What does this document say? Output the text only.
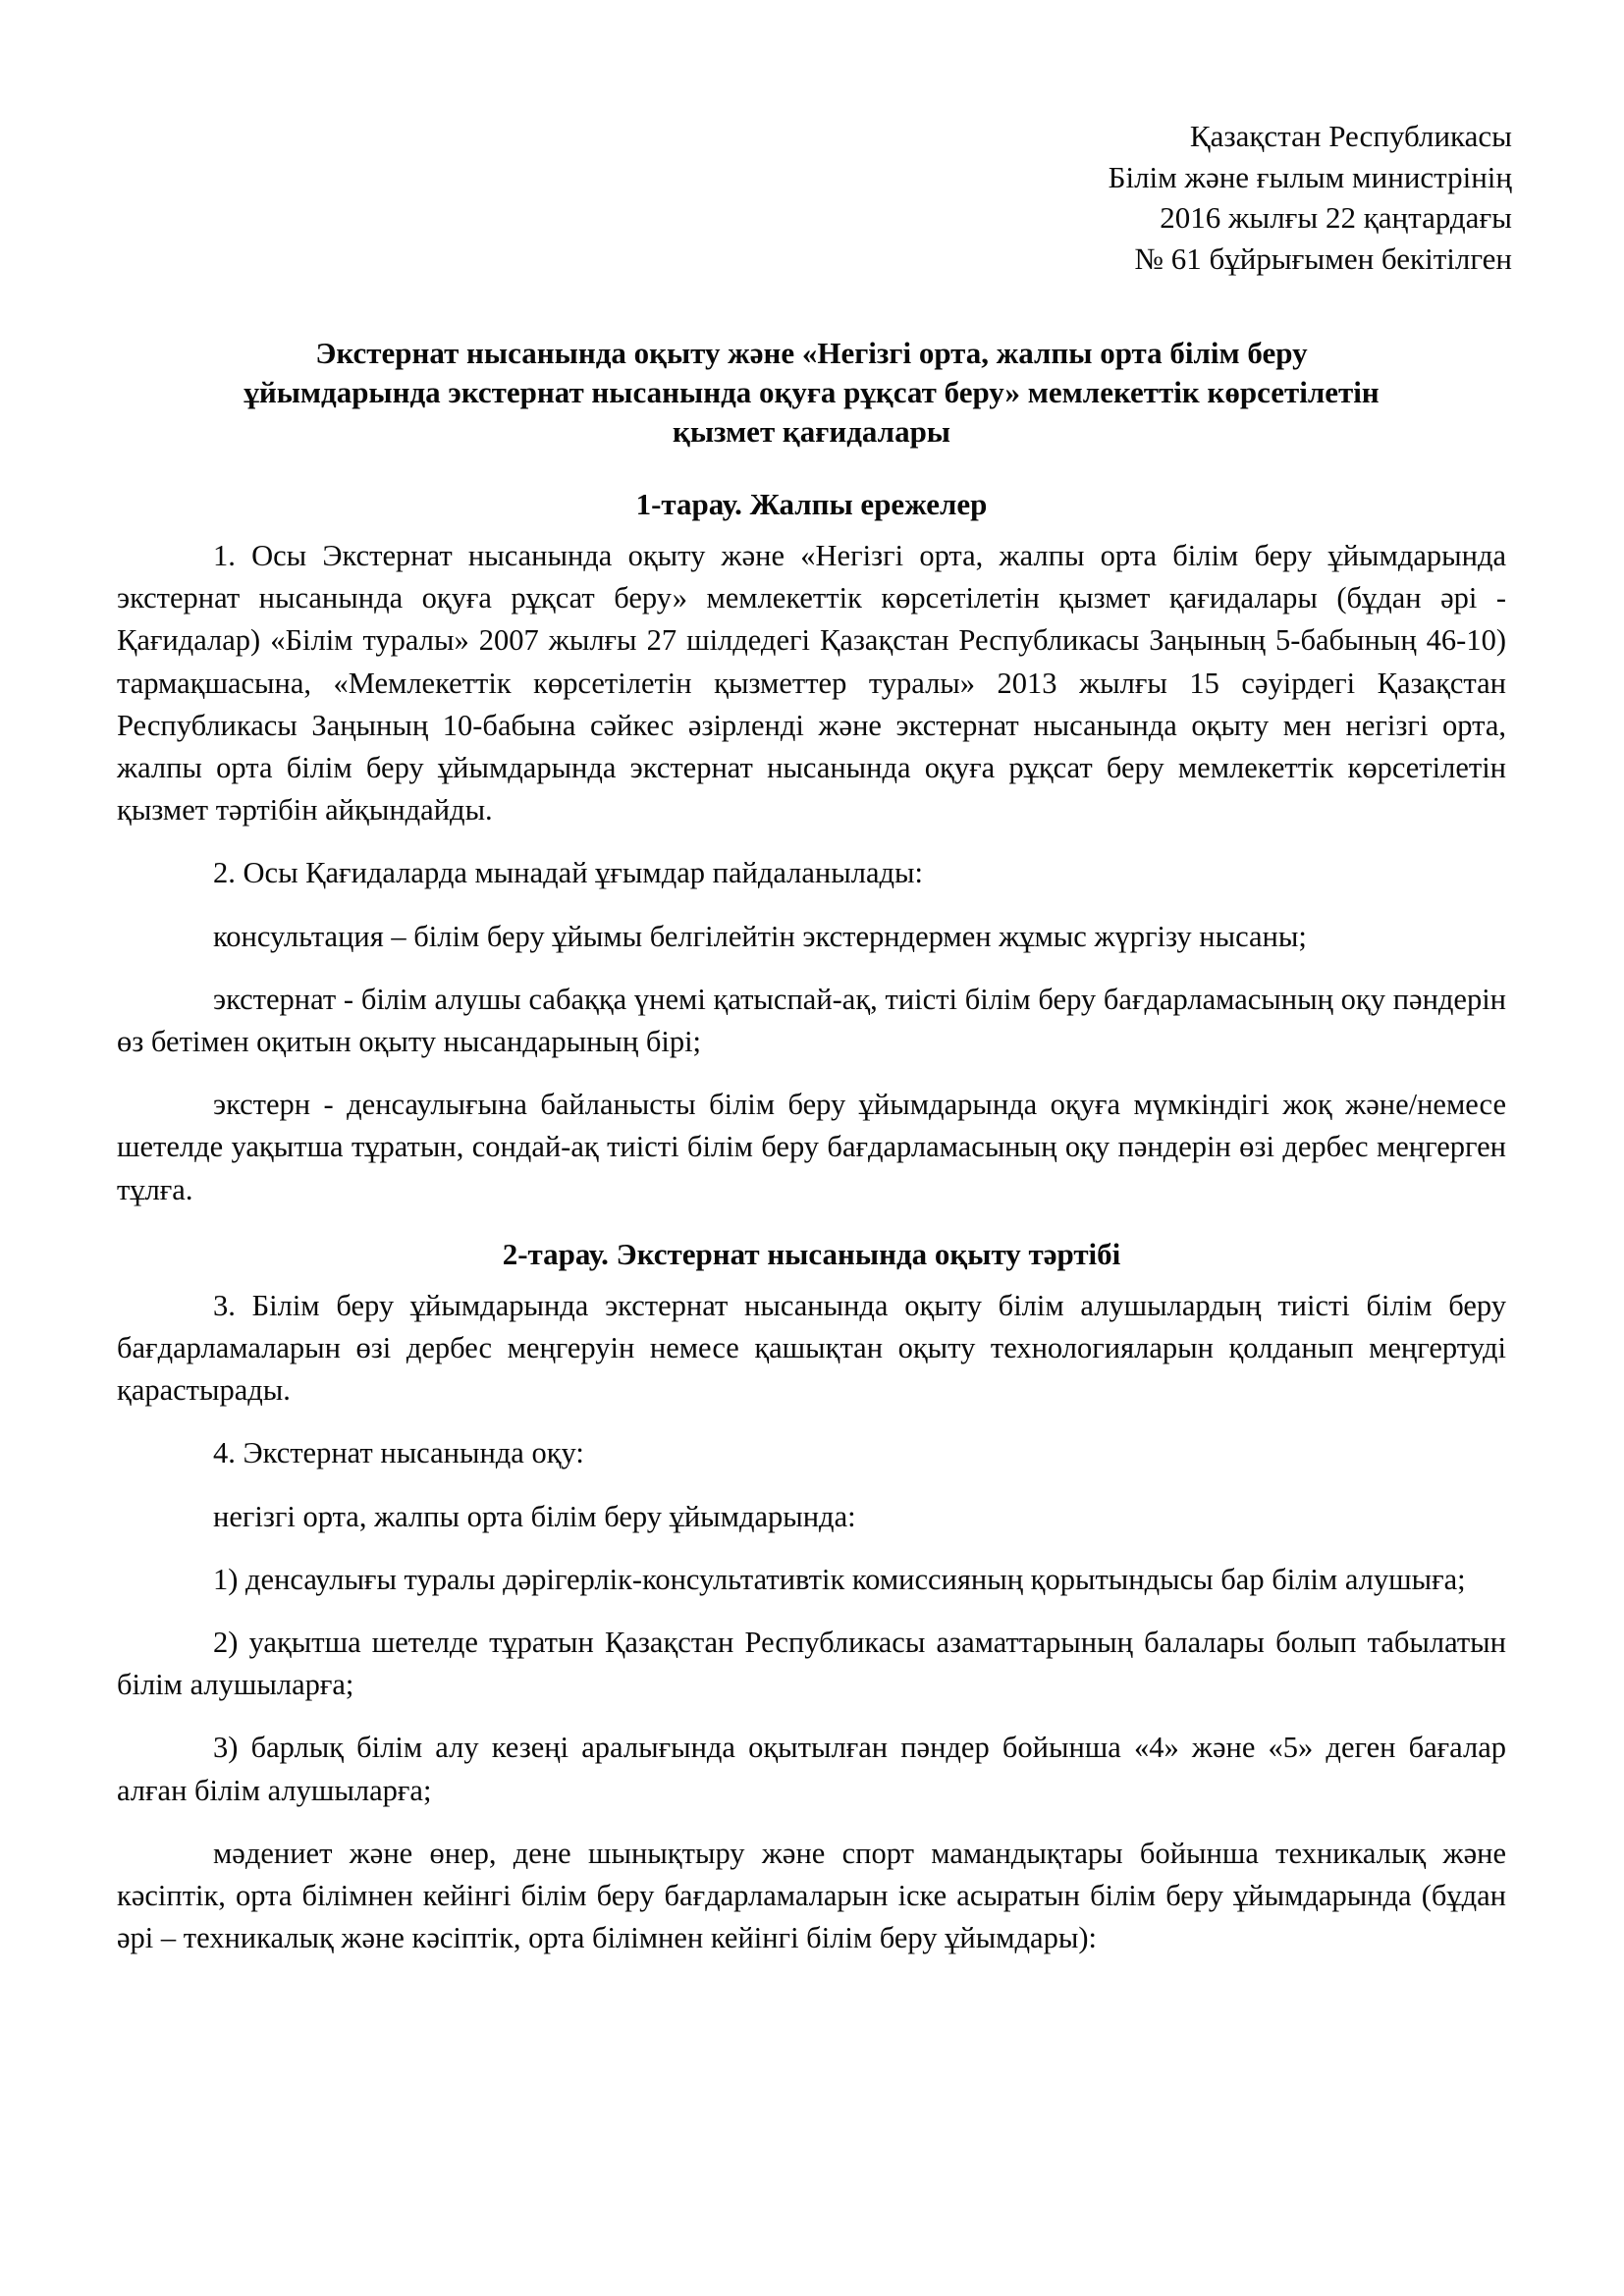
Қазақстан Республикасы
Білім және ғылым министрінің
2016 жылғы 22 қаңтардағы
№ 61 бұйрығымен бекітілген
Экстернат нысанында оқыту және «Негізгі орта, жалпы орта білім беру
ұйымдарында экстернат нысанында оқуға рұқсат беру» мемлекеттік көрсетілетін
қызмет қағидалары
1-тарау. Жалпы ережелер

1. Осы Экстернат нысанында оқыту және «Негізгі орта, жалпы орта білім беру ұйымдарында экстернат нысанында оқуға рұқсат беру» мемлекеттік көрсетілетін қызмет қағидалары (бұдан әрі - Қағидалар) «Білім туралы» 2007 жылғы 27 шілдедегі Қазақстан Республикасы Заңының 5-бабының 46-10) тармақшасына, «Мемлекеттік көрсетілетін қызметтер туралы» 2013 жылғы 15 сәуірдегі Қазақстан Республикасы Заңының 10-бабына сәйкес әзірленді және экстернат нысанында оқыту мен негізгі орта, жалпы орта білім беру ұйымдарында экстернат нысанында оқуға рұқсат беру мемлекеттік көрсетілетін қызмет тәртібін айқындайды.

2. Осы Қағидаларда мынадай ұғымдар пайдаланылады:

консультация – білім беру ұйымы белгілейтін экстерндермен жұмыс жүргізу нысаны;

экстернат - білім алушы сабаққа үнемі қатыспай-ақ, тиісті білім беру бағдарламасының оқу пәндерін өз бетімен оқитын оқыту нысандарының бірі;

экстерн - денсаулығына байланысты білім беру ұйымдарында оқуға мүмкіндігі жоқ және/немесе шетелде уақытша тұратын, сондай-ақ тиісті білім беру бағдарламасының оқу пәндерін өзі дербес меңгерген тұлға.

2-тарау. Экстернат нысанында оқыту тәртібі

3. Білім беру ұйымдарында экстернат нысанында оқыту білім алушылардың тиісті білім беру бағдарламаларын өзі дербес меңгеруін немесе қашықтан оқыту технологияларын қолданып меңгертуді қарастырады.

4. Экстернат нысанында оқу:

негізгі орта, жалпы орта білім беру ұйымдарында:

1) денсаулығы туралы дәрігерлік-консультативтік комиссияның қорытындысы бар білім алушыға;

2) уақытша шетелде тұратын Қазақстан Республикасы азаматтарының балалары болып табылатын білім алушыларға;

3) барлық білім алу кезеңі аралығында оқытылған пәндер бойынша «4» және «5» деген бағалар алған білім алушыларға;

мәдениет және өнер, дене шынықтыру және спорт мамандықтары бойынша техникалық және кәсіптік, орта білімнен кейінгі білім беру бағдарламаларын іске асыратын білім беру ұйымдарында (бұдан әрі – техникалық және кәсіптік, орта білімнен кейінгі білім беру ұйымдары):
